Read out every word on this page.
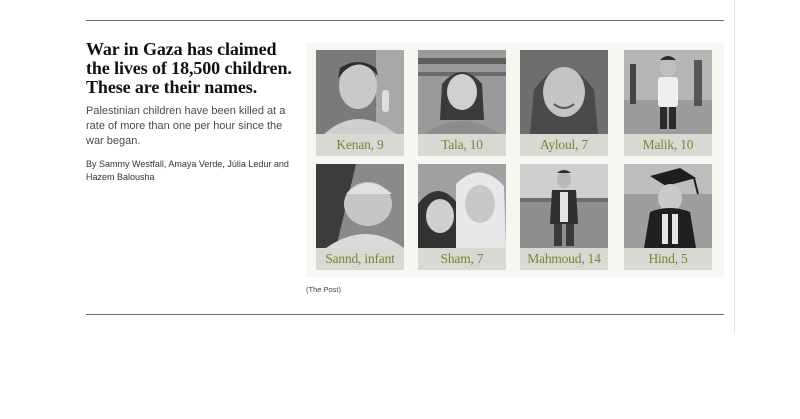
War in Gaza has claimed the lives of 18,500 children. These are their names.

Palestinian children have been killed at a rate of more than one per hour since the war began.

By Sammy Westfall, Amaya Verde, Júlia Ledur and Hazem Balousha

Kenan, 9	Tala, 10	Ayloul, 7	Malik, 10
Sannd, infant	Sham, 7	Mahmoud, 14	Hind, 5
(The Post)
